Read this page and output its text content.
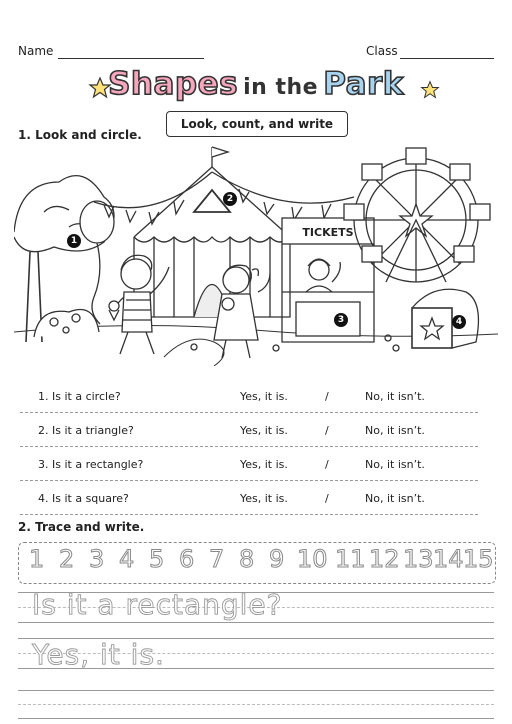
Name	Class
Shapes in the Park
Look, count, and write
1. Look and circle.
TICKETS
1
2
3	4
1. Is it a circle?	Yes, it is.	/	No, it isn’t.
2. Is it a triangle?	Yes, it is.	/	No, it isn’t.
3. Is it a rectangle?	Yes, it is.	/	No, it isn’t.
4. Is it a square?	Yes, it is.	/	No, it isn’t.
2. Trace and write.
1 2 3 4 5 6 7 8 9 10 11 12 13 14 15
Is it a rectangle?
Yes, it is.
